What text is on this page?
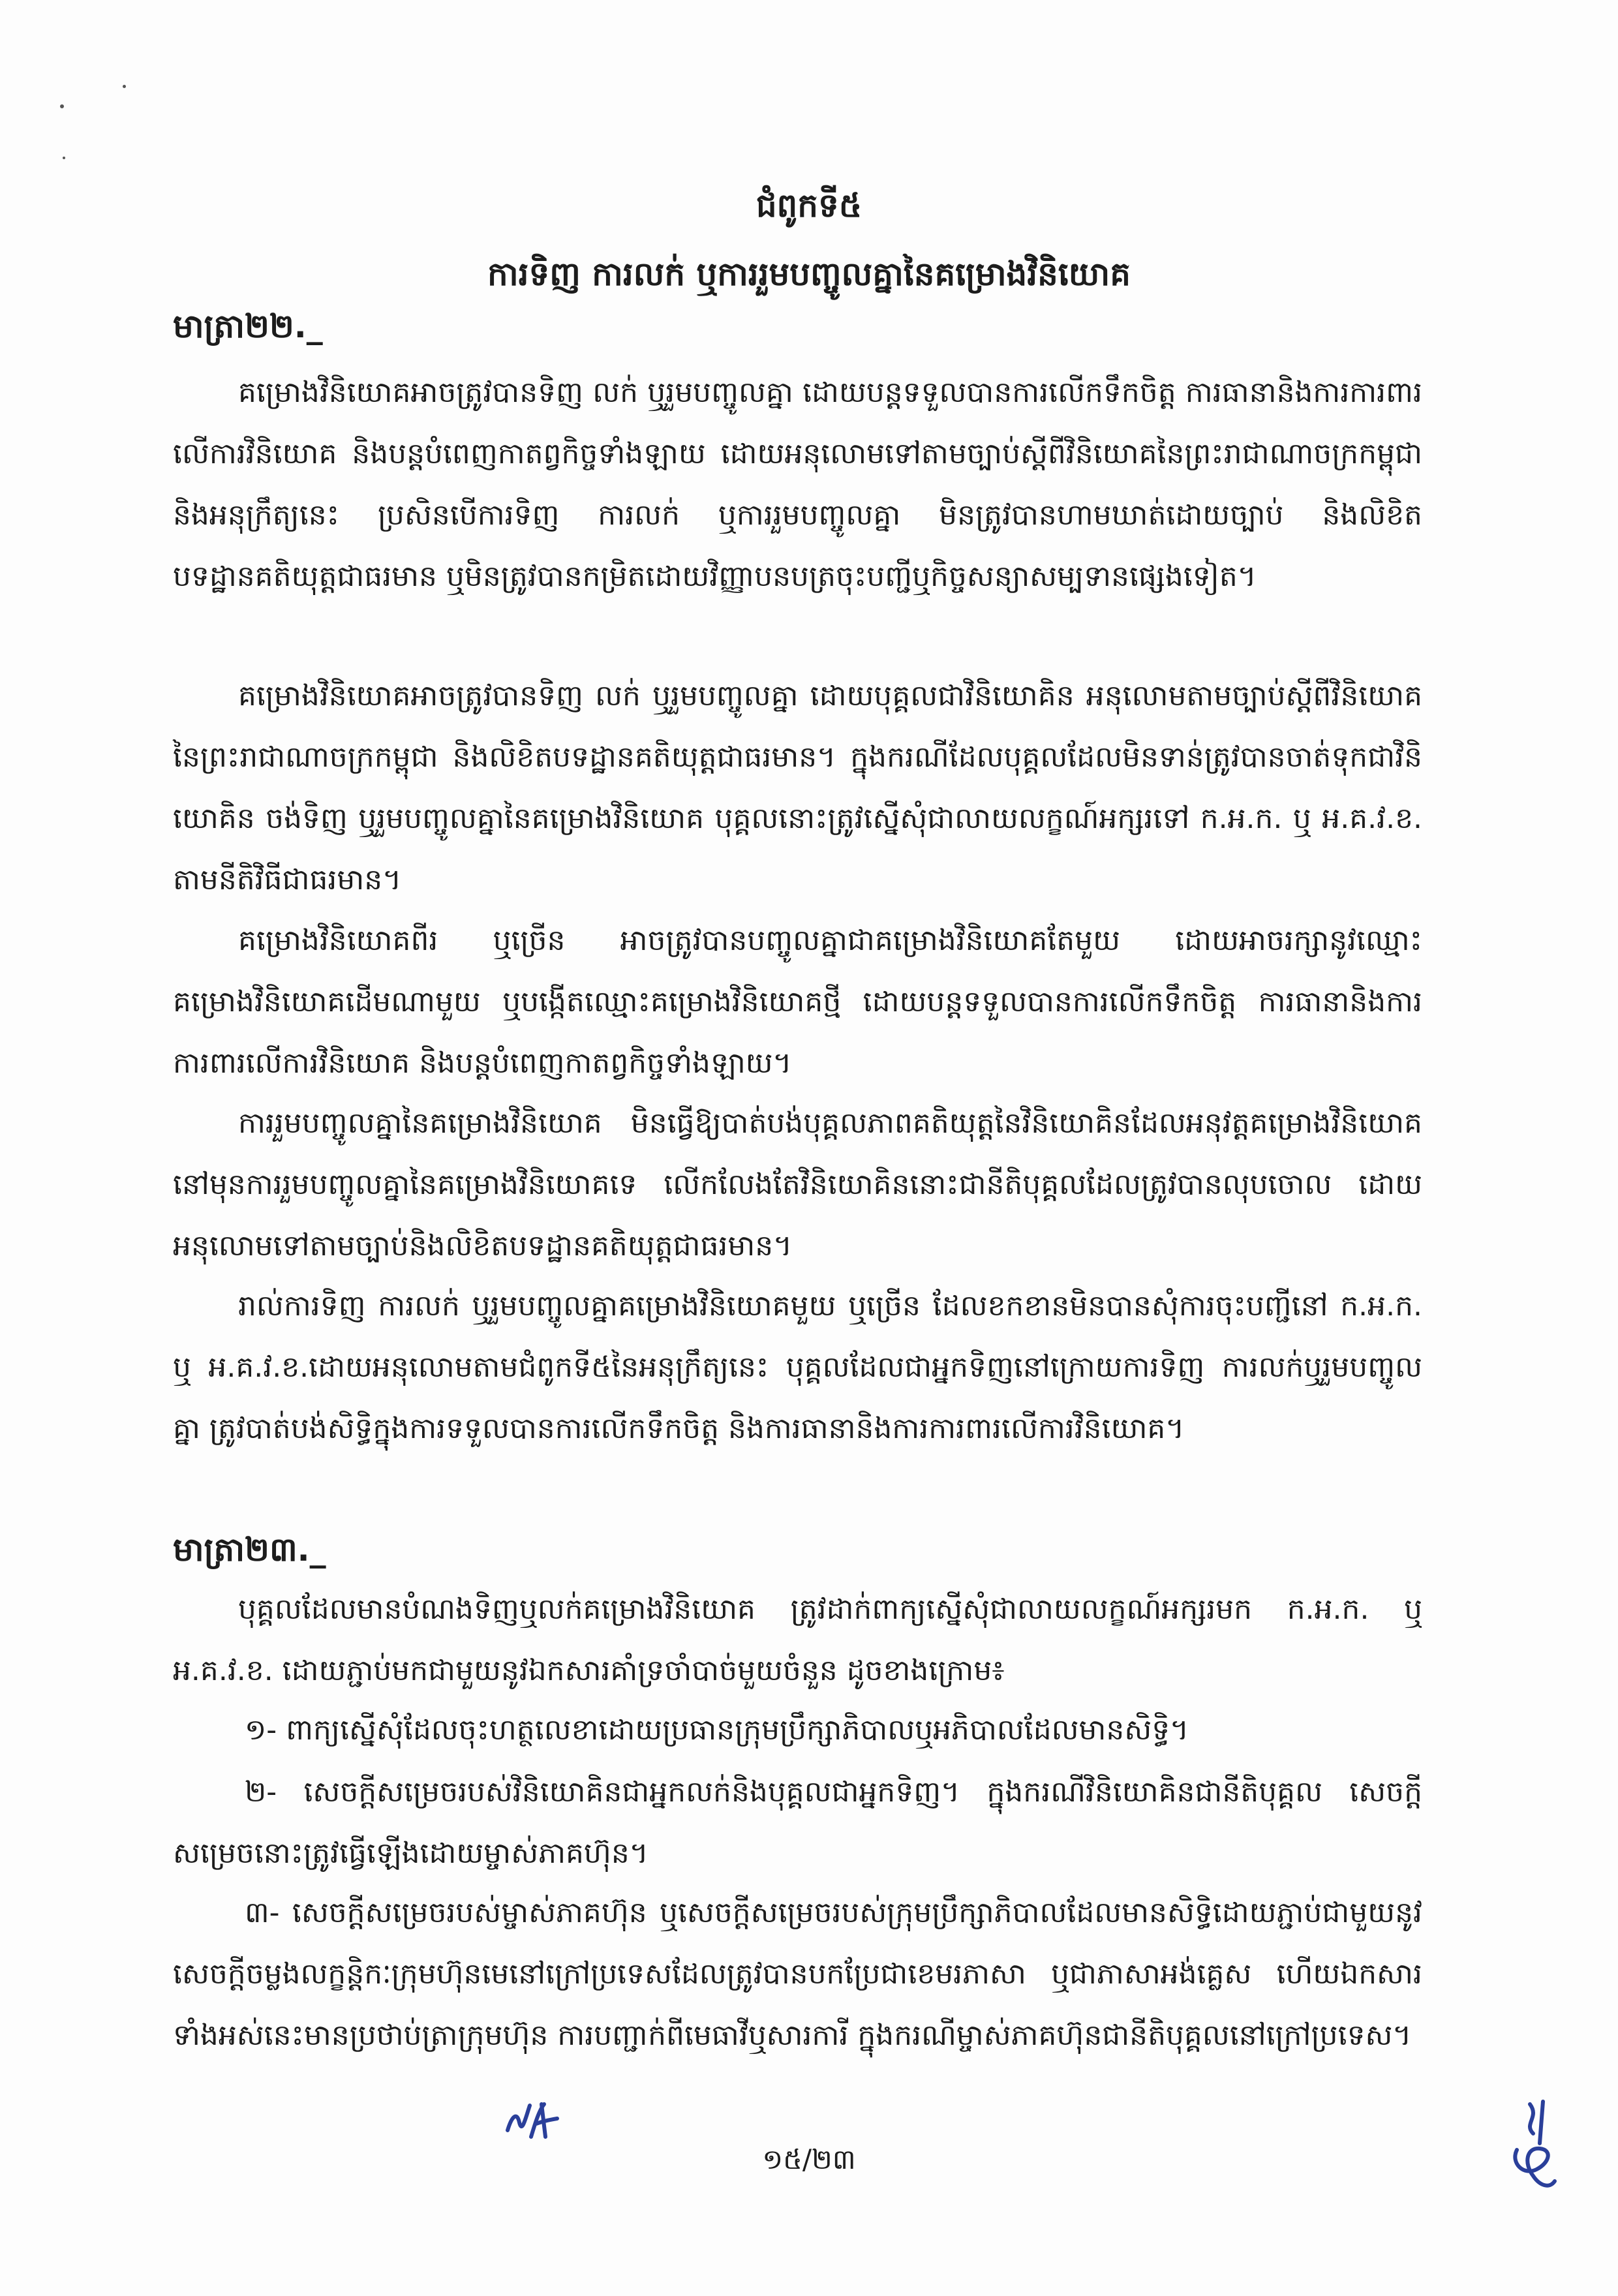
ជំពូកទី៥
ការទិញ ការលក់ ឬការរួមបញ្ចូលគ្នានៃគម្រោងវិនិយោគ
មាត្រា២២._
គម្រោងវិនិយោគអាចត្រូវបានទិញ លក់ ឬរួមបញ្ចូលគ្នា ដោយបន្តទទួលបានការលើកទឹកចិត្ត ការធានានិងការការពារលើការវិនិយោគ និងបន្តបំពេញកាតព្វកិច្ចទាំងឡាយ ដោយអនុលោមទៅតាមច្បាប់ស្តីពីវិនិយោគនៃព្រះរាជាណាចក្រកម្ពុជា និងអនុក្រឹត្យនេះ ប្រសិនបើការទិញ ការលក់ ឬការរួមបញ្ចូលគ្នា មិនត្រូវបានហាមឃាត់ដោយច្បាប់ និងលិខិតបទដ្ឋានគតិយុត្តជាធរមាន ឬមិនត្រូវបានកម្រិតដោយវិញ្ញាបនបត្រចុះបញ្ជីឬកិច្ចសន្យាសម្បទានផ្សេងទៀត។
គម្រោងវិនិយោគអាចត្រូវបានទិញ លក់ ឬរួមបញ្ចូលគ្នា ដោយបុគ្គលជាវិនិយោគិន អនុលោមតាមច្បាប់ស្តីពីវិនិយោគនៃព្រះរាជាណាចក្រកម្ពុជា និងលិខិតបទដ្ឋានគតិយុត្តជាធរមាន។ ក្នុងករណីដែលបុគ្គលដែលមិនទាន់ត្រូវបានចាត់ទុកជាវិនិយោគិន ចង់ទិញ ឬរួមបញ្ចូលគ្នានៃគម្រោងវិនិយោគ បុគ្គលនោះត្រូវស្នើសុំជាលាយលក្ខណ៍អក្សរទៅ ក.អ.ក. ឬ អ.គ.វ.ខ. តាមនីតិវិធីជាធរមាន។
គម្រោងវិនិយោគពីរ ឬច្រើន អាចត្រូវបានបញ្ចូលគ្នាជាគម្រោងវិនិយោគតែមួយ ដោយអាចរក្សានូវឈ្មោះគម្រោងវិនិយោគដើមណាមួយ ឬបង្កើតឈ្មោះគម្រោងវិនិយោគថ្មី ដោយបន្តទទួលបានការលើកទឹកចិត្ត ការធានានិងការការពារលើការវិនិយោគ និងបន្តបំពេញកាតព្វកិច្ចទាំងឡាយ។
ការរួមបញ្ចូលគ្នានៃគម្រោងវិនិយោគ មិនធ្វើឱ្យបាត់បង់បុគ្គលភាពគតិយុត្តនៃវិនិយោគិនដែលអនុវត្តគម្រោងវិនិយោគនៅមុនការរួមបញ្ចូលគ្នានៃគម្រោងវិនិយោគទេ លើកលែងតែវិនិយោគិននោះជានីតិបុគ្គលដែលត្រូវបានលុបចោល ដោយអនុលោមទៅតាមច្បាប់និងលិខិតបទដ្ឋានគតិយុត្តជាធរមាន។
រាល់ការទិញ ការលក់ ឬរួមបញ្ចូលគ្នាគម្រោងវិនិយោគមួយ ឬច្រើន ដែលខកខានមិនបានសុំការចុះបញ្ជីនៅ ក.អ.ក. ឬ អ.គ.វ.ខ.ដោយអនុលោមតាមជំពូកទី៥នៃអនុក្រឹត្យនេះ បុគ្គលដែលជាអ្នកទិញនៅក្រោយការទិញ ការលក់ឬរួមបញ្ចូលគ្នា ត្រូវបាត់បង់សិទ្ធិក្នុងការទទួលបានការលើកទឹកចិត្ត និងការធានានិងការការពារលើការវិនិយោគ។
មាត្រា២៣._
បុគ្គលដែលមានបំណងទិញឬលក់គម្រោងវិនិយោគ ត្រូវដាក់ពាក្យស្នើសុំជាលាយលក្ខណ៍អក្សរមក ក.អ.ក. ឬ អ.គ.វ.ខ. ដោយភ្ជាប់មកជាមួយនូវឯកសារគាំទ្រចាំបាច់មួយចំនួន ដូចខាងក្រោម៖
១- ពាក្យស្នើសុំដែលចុះហត្ថលេខាដោយប្រធានក្រុមប្រឹក្សាភិបាលឬអភិបាលដែលមានសិទ្ធិ។
២- សេចក្តីសម្រេចរបស់វិនិយោគិនជាអ្នកលក់និងបុគ្គលជាអ្នកទិញ។ ក្នុងករណីវិនិយោគិនជានីតិបុគ្គល សេចក្តីសម្រេចនោះត្រូវធ្វើឡើងដោយម្ចាស់ភាគហ៊ុន។
៣- សេចក្តីសម្រេចរបស់ម្ចាស់ភាគហ៊ុន ឬសេចក្តីសម្រេចរបស់ក្រុមប្រឹក្សាភិបាលដែលមានសិទ្ធិដោយភ្ជាប់ជាមួយនូវសេចក្តីចម្លងលក្ខន្តិកៈក្រុមហ៊ុនមេនៅក្រៅប្រទេសដែលត្រូវបានបកប្រែជាខេមរភាសា ឬជាភាសាអង់គ្លេស ហើយឯកសារទាំងអស់នេះមានប្រថាប់ត្រាក្រុមហ៊ុន ការបញ្ជាក់ពីមេធាវីឬសារការី ក្នុងករណីម្ចាស់ភាគហ៊ុនជានីតិបុគ្គលនៅក្រៅប្រទេស។
១៥/២៣
